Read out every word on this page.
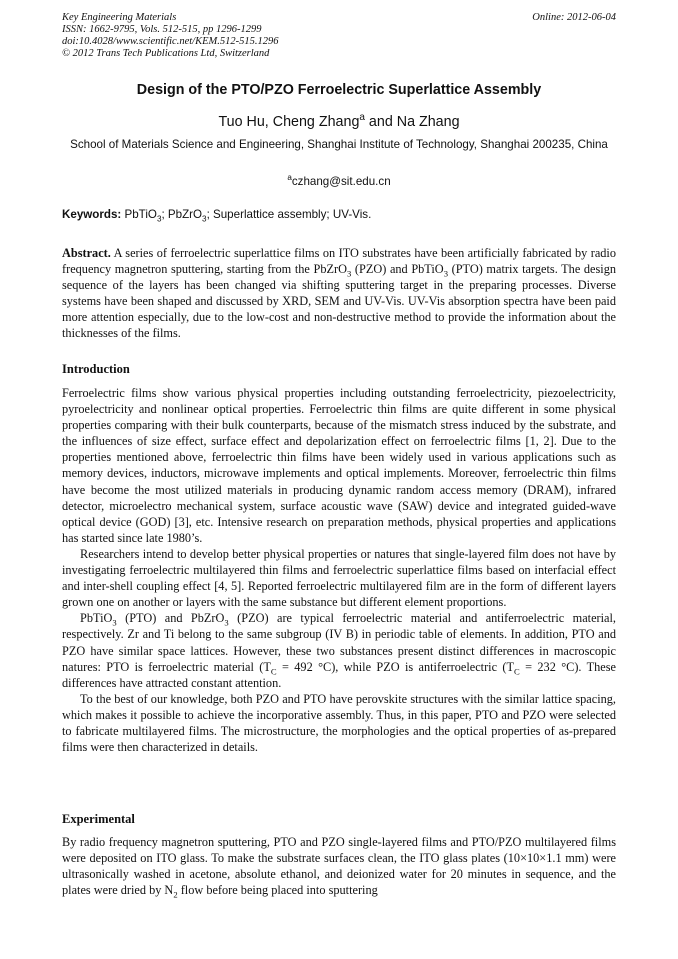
Key Engineering Materials
ISSN: 1662-9795, Vols. 512-515, pp 1296-1299
doi:10.4028/www.scientific.net/KEM.512-515.1296
© 2012 Trans Tech Publications Ltd, Switzerland
Online: 2012-06-04
Design of the PTO/PZO Ferroelectric Superlattice Assembly
Tuo Hu, Cheng Zhang$^a$ and Na Zhang
School of Materials Science and Engineering, Shanghai Institute of Technology, Shanghai 200235, China
$^a$czhang@sit.edu.cn
Keywords: PbTiO$_3$; PbZrO$_3$; Superlattice assembly; UV-Vis.
Abstract. A series of ferroelectric superlattice films on ITO substrates have been artificially fabricated by radio frequency magnetron sputtering, starting from the PbZrO$_3$ (PZO) and PbTiO$_3$ (PTO) matrix targets. The design sequence of the layers has been changed via shifting sputtering target in the preparing processes. Diverse systems have been shaped and discussed by XRD, SEM and UV-Vis. UV-Vis absorption spectra have been paid more attention especially, due to the low-cost and non-destructive method to provide the information about the thicknesses of the films.
Introduction

Ferroelectric films show various physical properties including outstanding ferroelectricity, piezoelectricity, pyroelectricity and nonlinear optical properties. Ferroelectric thin films are quite different in some physical properties comparing with their bulk counterparts, because of the mismatch stress induced by the substrate, and the influences of size effect, surface effect and depolarization effect on ferroelectric films [1, 2]. Due to the properties mentioned above, ferroelectric thin films have been widely used in various applications such as memory devices, inductors, microwave implements and optical implements. Moreover, ferroelectric thin films have become the most utilized materials in producing dynamic random access memory (DRAM), infrared detector, microelectro mechanical system, surface acoustic wave (SAW) device and integrated guided-wave optical device (GOD) [3], etc. Intensive research on preparation methods, physical properties and applications has started since late 1980’s.

Researchers intend to develop better physical properties or natures that single-layered film does not have by investigating ferroelectric multilayered thin films and ferroelectric superlattice films based on interfacial effect and inter-shell coupling effect [4, 5]. Reported ferroelectric multilayered film are in the form of different layers grown one on another or layers with the same substance but different element proportions.

PbTiO$_3$ (PTO) and PbZrO$_3$ (PZO) are typical ferroelectric material and antiferroelectric material, respectively. Zr and Ti belong to the same subgroup (IV B) in periodic table of elements. In addition, PTO and PZO have similar space lattices. However, these two substances present distinct differences in macroscopic natures: PTO is ferroelectric material ($T_C = 492$ °C), while PZO is antiferroelectric ($T_C = 232$ °C). These differences have attracted constant attention.

To the best of our knowledge, both PZO and PTO have perovskite structures with the similar lattice spacing, which makes it possible to achieve the incorporative assembly. Thus, in this paper, PTO and PZO were selected to fabricate multilayered films. The microstructure, the morphologies and the optical properties of as-prepared films were then characterized in details.

Experimental
By radio frequency magnetron sputtering, PTO and PZO single-layered films and PTO/PZO multilayered films were deposited on ITO glass. To make the substrate surfaces clean, the ITO glass plates (10×10×1.1 mm) were ultrasonically washed in acetone, absolute ethanol, and deionized water for 20 minutes in sequence, and the plates were dried by $N_2$ flow before being placed into sputtering
